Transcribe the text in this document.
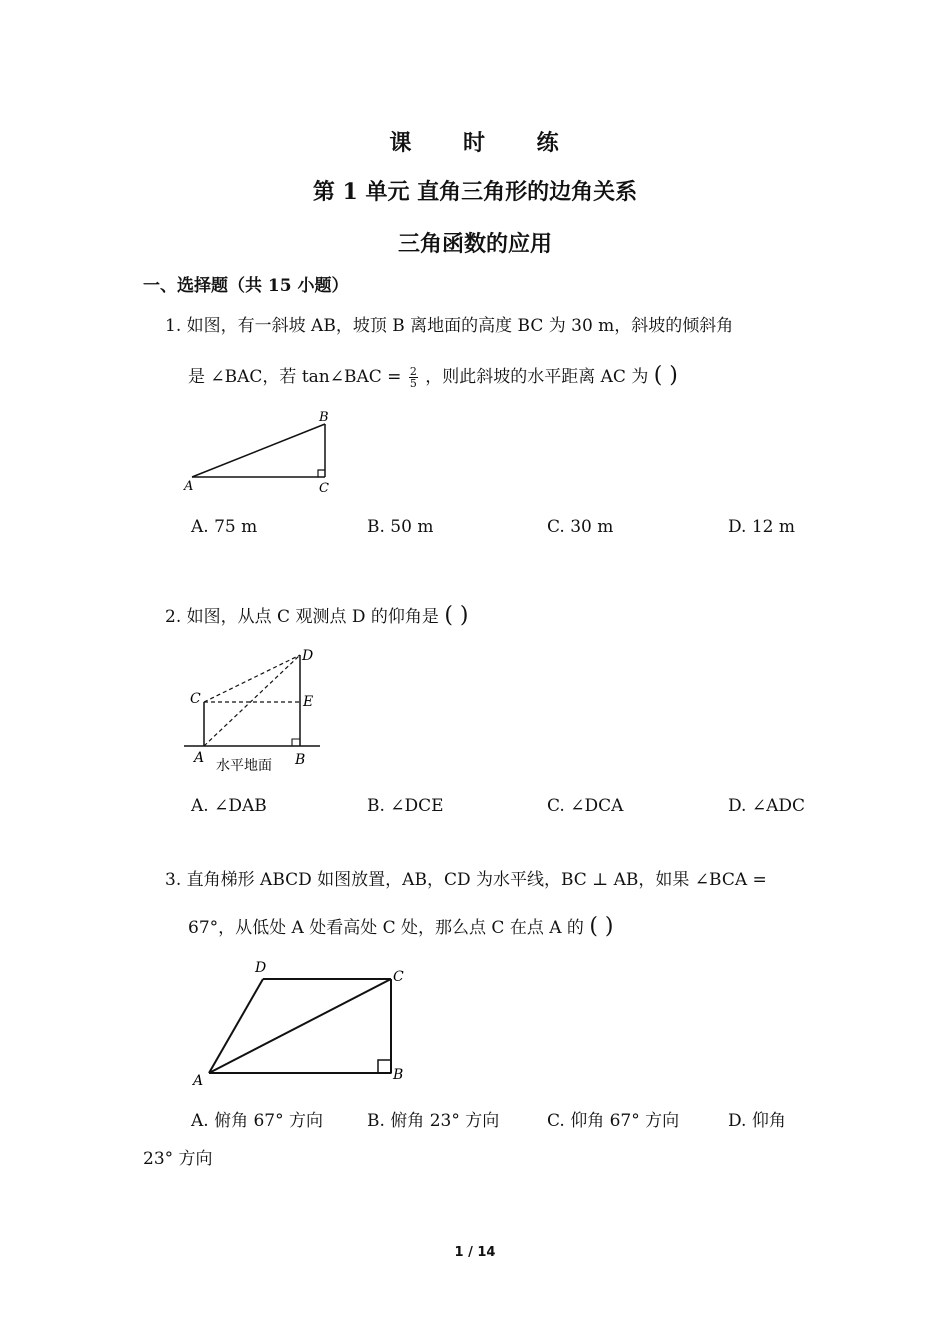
课 时 练
第 1 单元 直角三角形的边角关系
三角函数的应用
一、选择题（共 15 小题）
1. 如图，有一斜坡 AB，坡顶 B 离地面的高度 BC 为 30 m，斜坡的倾斜角
是 ∠BAC，若 tan∠BAC = $\frac{2}{5}$ ，则此斜坡的水平距离 AC 为 ( )
A
B
C
A. 75 m	B. 50 m	C. 30 m	D. 12 m
2. 如图，从点 C 观测点 D 的仰角是 ( )
C
D
E
A	B
水平地面
A. ∠DAB	B. ∠DCE	C. ∠DCA	D. ∠ADC
3. 直角梯形 ABCD 如图放置，AB，CD 为水平线，BC ⊥ AB，如果 ∠BCA =
67°，从低处 A 处看高处 C 处，那么点 C 在点 A 的 ( )
D
C
A	B
A. 俯角 67° 方向	B. 俯角 23° 方向	C. 仰角 67° 方向	D. 仰角
23° 方向
1 / 14
